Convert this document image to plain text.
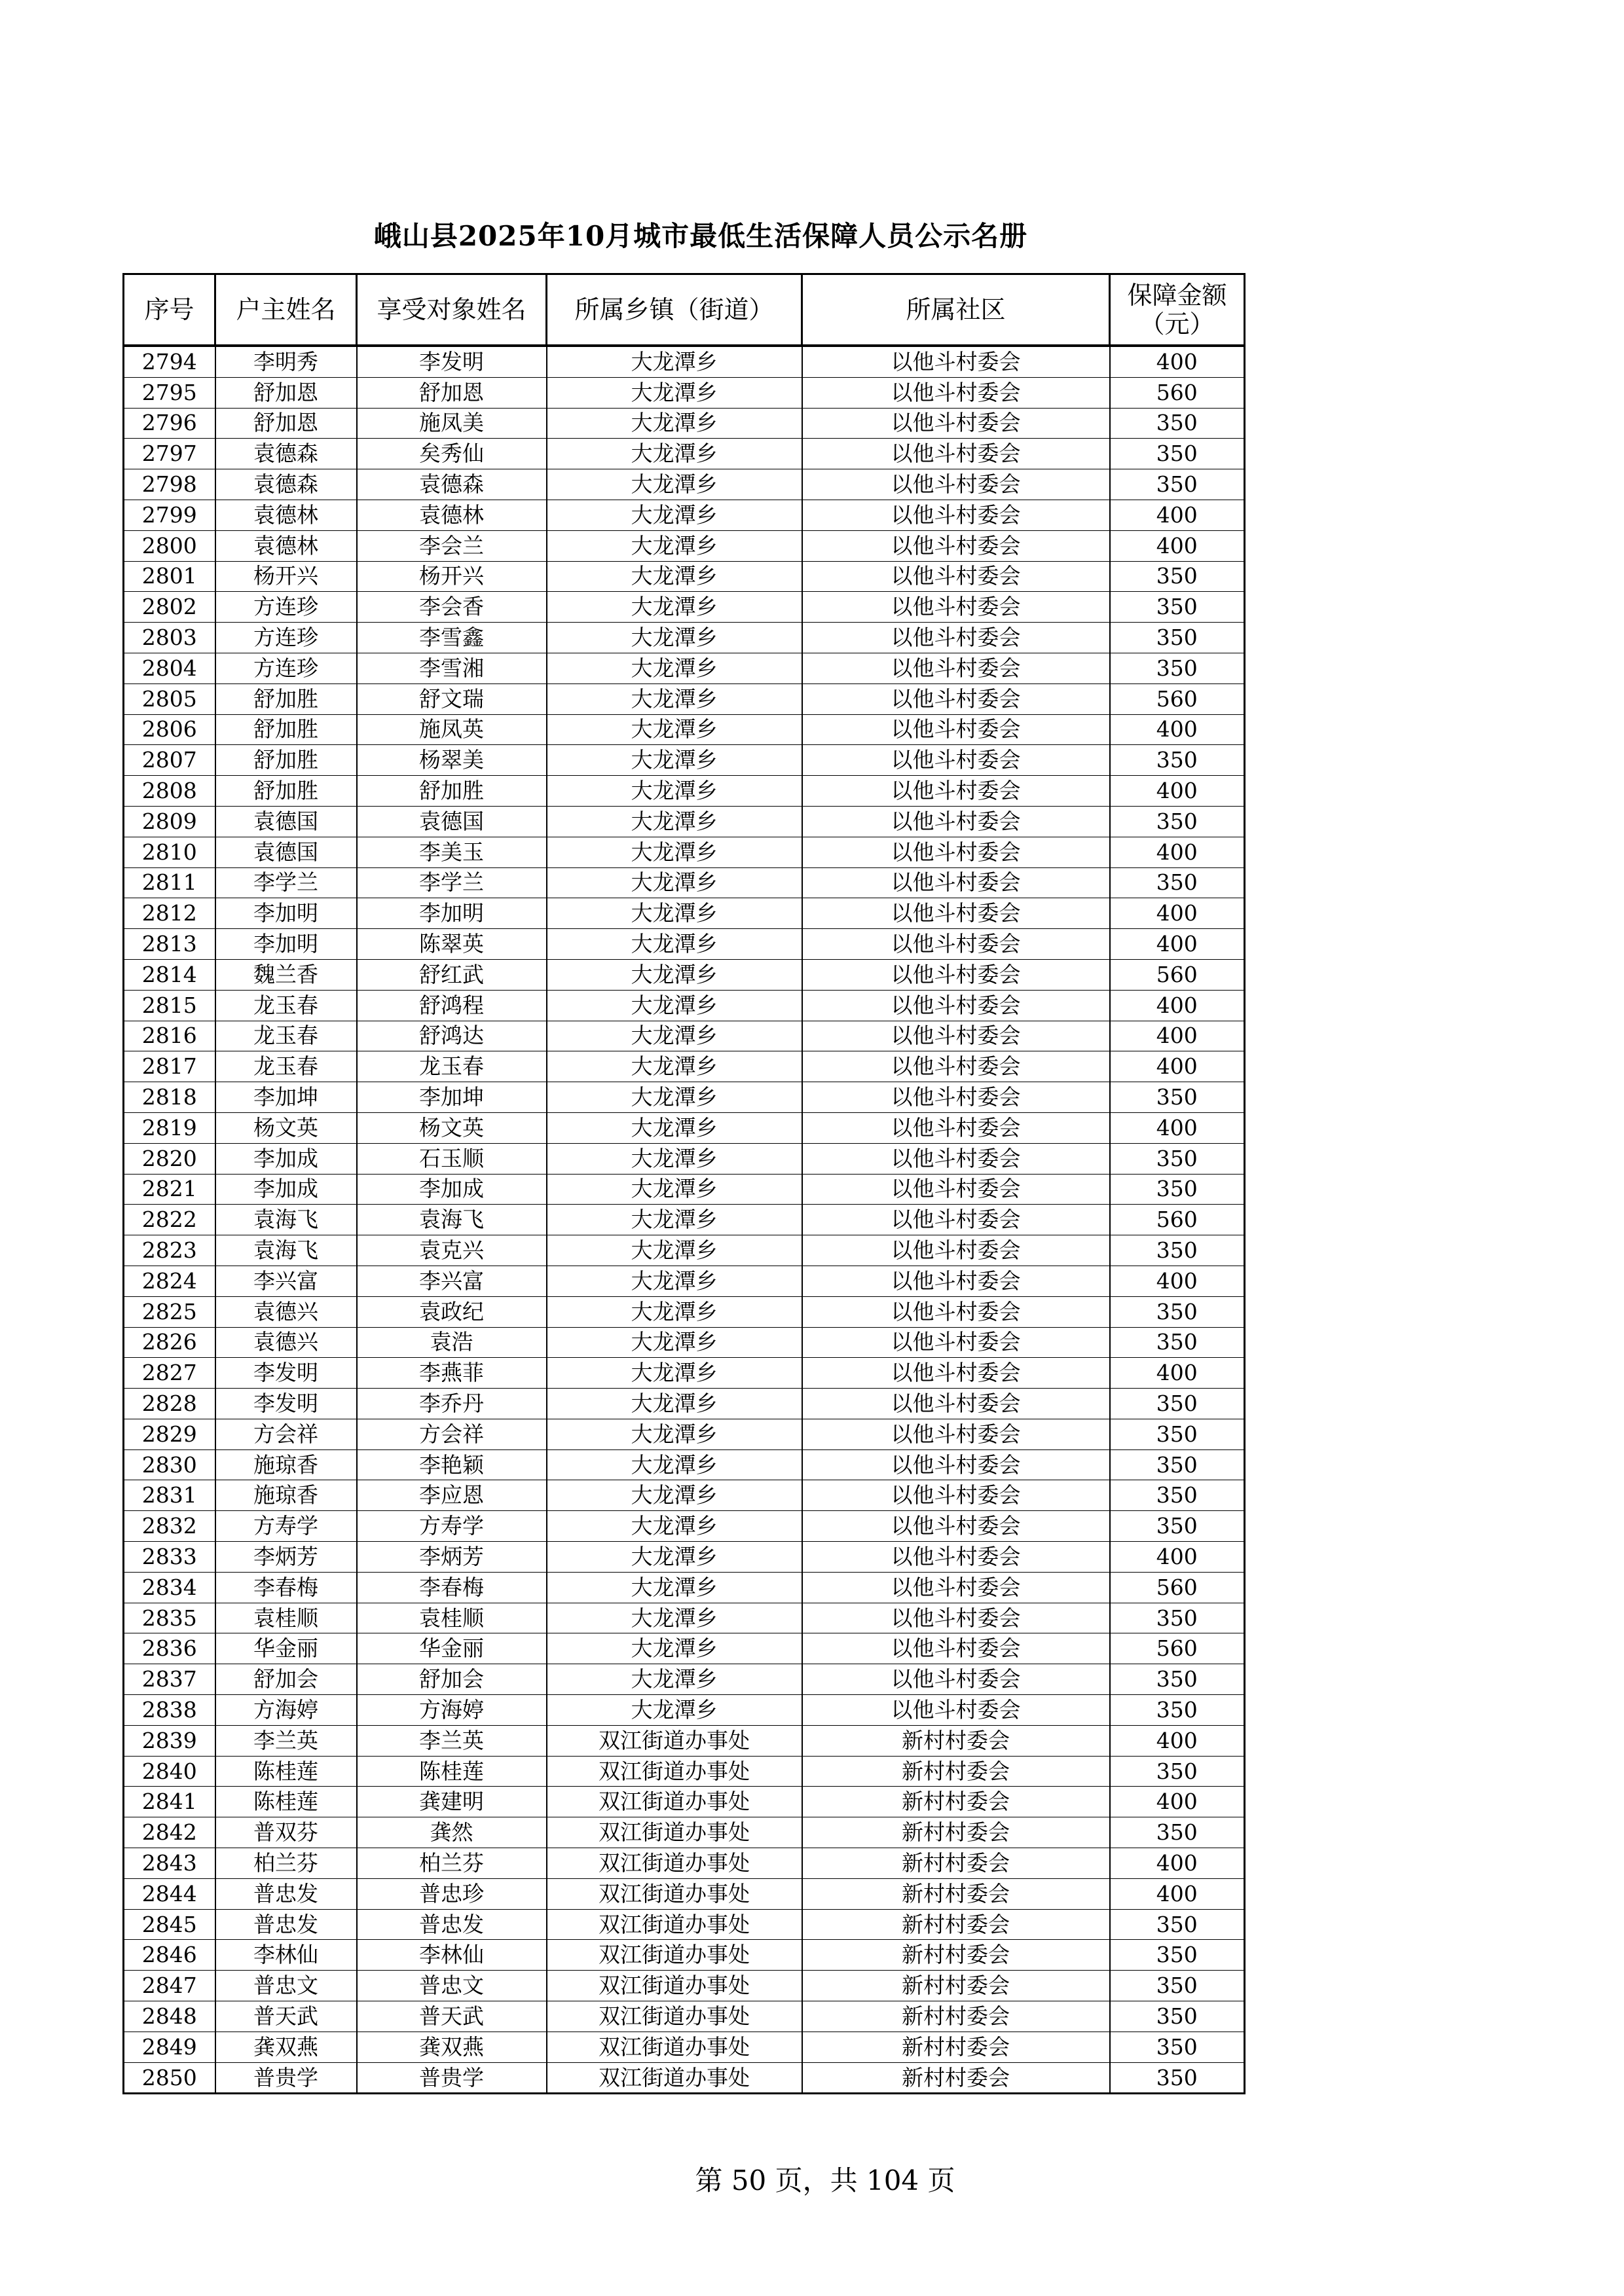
峨山县2025年10月城市最低生活保障人员公示名册
序号	户主姓名	享受对象姓名	所属乡镇（街道）	所属社区	保障金额
（元）
2794	李明秀	李发明	大龙潭乡	以他斗村委会	400
2795	舒加恩	舒加恩	大龙潭乡	以他斗村委会	560
2796	舒加恩	施凤美	大龙潭乡	以他斗村委会	350
2797	袁德森	矣秀仙	大龙潭乡	以他斗村委会	350
2798	袁德森	袁德森	大龙潭乡	以他斗村委会	350
2799	袁德林	袁德林	大龙潭乡	以他斗村委会	400
2800	袁德林	李会兰	大龙潭乡	以他斗村委会	400
2801	杨开兴	杨开兴	大龙潭乡	以他斗村委会	350
2802	方连珍	李会香	大龙潭乡	以他斗村委会	350
2803	方连珍	李雪鑫	大龙潭乡	以他斗村委会	350
2804	方连珍	李雪湘	大龙潭乡	以他斗村委会	350
2805	舒加胜	舒文瑞	大龙潭乡	以他斗村委会	560
2806	舒加胜	施凤英	大龙潭乡	以他斗村委会	400
2807	舒加胜	杨翠美	大龙潭乡	以他斗村委会	350
2808	舒加胜	舒加胜	大龙潭乡	以他斗村委会	400
2809	袁德国	袁德国	大龙潭乡	以他斗村委会	350
2810	袁德国	李美玉	大龙潭乡	以他斗村委会	400
2811	李学兰	李学兰	大龙潭乡	以他斗村委会	350
2812	李加明	李加明	大龙潭乡	以他斗村委会	400
2813	李加明	陈翠英	大龙潭乡	以他斗村委会	400
2814	魏兰香	舒红武	大龙潭乡	以他斗村委会	560
2815	龙玉春	舒鸿程	大龙潭乡	以他斗村委会	400
2816	龙玉春	舒鸿达	大龙潭乡	以他斗村委会	400
2817	龙玉春	龙玉春	大龙潭乡	以他斗村委会	400
2818	李加坤	李加坤	大龙潭乡	以他斗村委会	350
2819	杨文英	杨文英	大龙潭乡	以他斗村委会	400
2820	李加成	石玉顺	大龙潭乡	以他斗村委会	350
2821	李加成	李加成	大龙潭乡	以他斗村委会	350
2822	袁海飞	袁海飞	大龙潭乡	以他斗村委会	560
2823	袁海飞	袁克兴	大龙潭乡	以他斗村委会	350
2824	李兴富	李兴富	大龙潭乡	以他斗村委会	400
2825	袁德兴	袁政纪	大龙潭乡	以他斗村委会	350
2826	袁德兴	袁浩	大龙潭乡	以他斗村委会	350
2827	李发明	李燕菲	大龙潭乡	以他斗村委会	400
2828	李发明	李乔丹	大龙潭乡	以他斗村委会	350
2829	方会祥	方会祥	大龙潭乡	以他斗村委会	350
2830	施琼香	李艳颖	大龙潭乡	以他斗村委会	350
2831	施琼香	李应恩	大龙潭乡	以他斗村委会	350
2832	方寿学	方寿学	大龙潭乡	以他斗村委会	350
2833	李炳芳	李炳芳	大龙潭乡	以他斗村委会	400
2834	李春梅	李春梅	大龙潭乡	以他斗村委会	560
2835	袁桂顺	袁桂顺	大龙潭乡	以他斗村委会	350
2836	华金丽	华金丽	大龙潭乡	以他斗村委会	560
2837	舒加会	舒加会	大龙潭乡	以他斗村委会	350
2838	方海婷	方海婷	大龙潭乡	以他斗村委会	350
2839	李兰英	李兰英	双江街道办事处	新村村委会	400
2840	陈桂莲	陈桂莲	双江街道办事处	新村村委会	350
2841	陈桂莲	龚建明	双江街道办事处	新村村委会	400
2842	普双芬	龚然	双江街道办事处	新村村委会	350
2843	柏兰芬	柏兰芬	双江街道办事处	新村村委会	400
2844	普忠发	普忠珍	双江街道办事处	新村村委会	400
2845	普忠发	普忠发	双江街道办事处	新村村委会	350
2846	李林仙	李林仙	双江街道办事处	新村村委会	350
2847	普忠文	普忠文	双江街道办事处	新村村委会	350
2848	普天武	普天武	双江街道办事处	新村村委会	350
2849	龚双燕	龚双燕	双江街道办事处	新村村委会	350
2850	普贵学	普贵学	双江街道办事处	新村村委会	350
第 50 页，共 104 页
